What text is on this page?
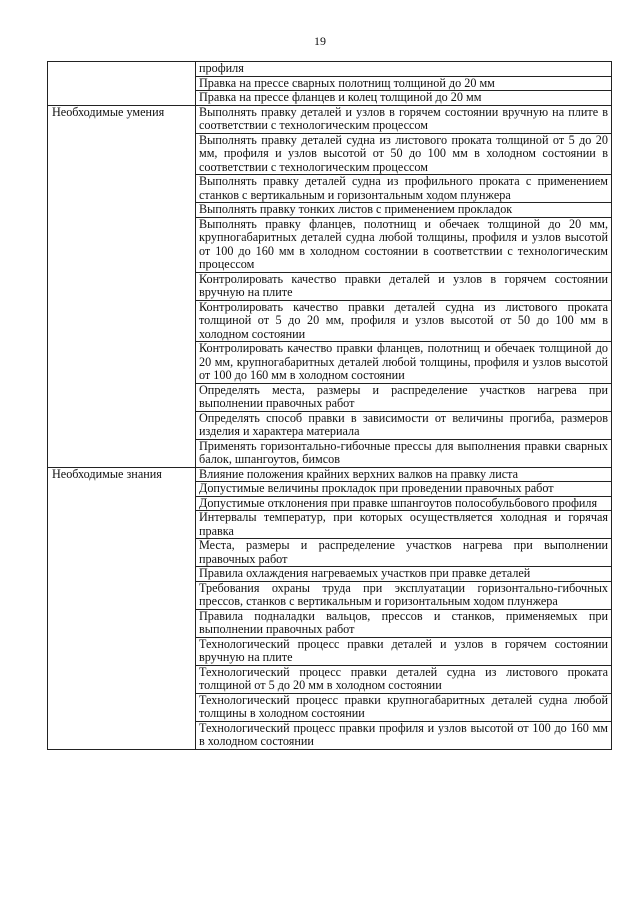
19
	профиля
	Правка на прессе сварных полотнищ толщиной до 20 мм
	Правка на прессе фланцев и колец толщиной до 20 мм
Необходимые умения	Выполнять правку деталей и узлов в горячем состоянии вручную на плите в соответствии с технологическим процессом
	Выполнять правку деталей судна из листового проката толщиной от 5 до 20 мм, профиля и узлов высотой от 50 до 100 мм в холодном состоянии в соответствии с технологическим процессом
	Выполнять правку деталей судна из профильного проката с применением станков с вертикальным и горизонтальным ходом плунжера
	Выполнять правку тонких листов с применением прокладок
	Выполнять правку фланцев, полотнищ и обечаек толщиной до 20 мм, крупногабаритных деталей судна любой толщины, профиля и узлов высотой от 100 до 160 мм в холодном состоянии в соответствии с технологическим процессом
	Контролировать качество правки деталей и узлов в горячем состоянии вручную на плите
	Контролировать качество правки деталей судна из листового проката толщиной от 5 до 20 мм, профиля и узлов высотой от 50 до 100 мм в холодном состоянии
	Контролировать качество правки фланцев, полотнищ и обечаек толщиной до 20 мм, крупногабаритных деталей любой толщины, профиля и узлов высотой от 100 до 160 мм в холодном состоянии
	Определять места, размеры и распределение участков нагрева при выполнении правочных работ
	Определять способ правки в зависимости от величины прогиба, размеров изделия и характера материала
	Применять горизонтально-гибочные прессы для выполнения правки сварных балок, шпангоутов, бимсов
Необходимые знания	Влияние положения крайних верхних валков на правку листа
	Допустимые величины прокладок при проведении правочных работ
	Допустимые отклонения при правке шпангоутов полособульбового профиля
	Интервалы температур, при которых осуществляется холодная и горячая правка
	Места, размеры и распределение участков нагрева при выполнении правочных работ
	Правила охлаждения нагреваемых участков при правке деталей
	Требования охраны труда при эксплуатации горизонтально-гибочных прессов, станков с вертикальным и горизонтальным ходом плунжера
	Правила подналадки вальцов, прессов и станков, применяемых при выполнении правочных работ
	Технологический процесс правки деталей и узлов в горячем состоянии вручную на плите
	Технологический процесс правки деталей судна из листового проката толщиной от 5 до 20 мм в холодном состоянии
	Технологический процесс правки крупногабаритных деталей судна любой толщины в холодном состоянии
	Технологический процесс правки профиля и узлов высотой от 100 до 160 мм в холодном состоянии
